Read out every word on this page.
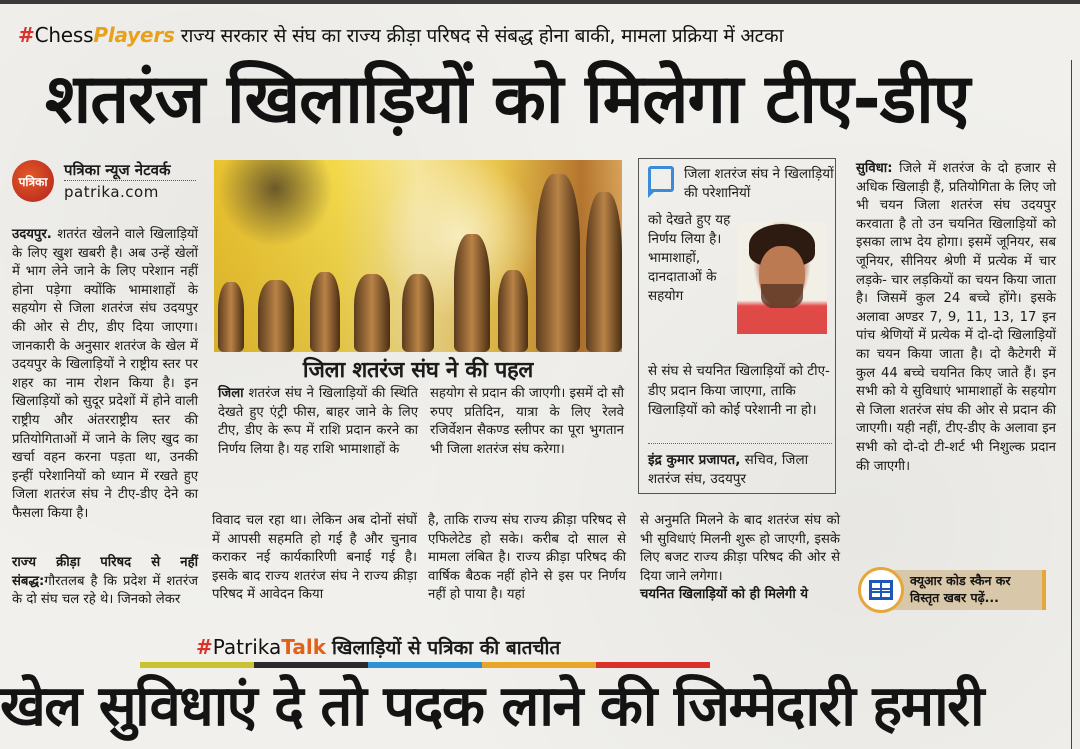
#ChessPlayers राज्य सरकार से संघ का राज्य क्रीड़ा परिषद से संबद्ध होना बाकी, मामला प्रक्रिया में अटका
शतरंज खिलाड़ियों को मिलेगा टीए-डीए
पत्रिका
पत्रिका न्यूज नेटवर्क
patrika.com

उदयपुर. शतरंत खेलने वाले खिलाड़ियों के लिए खुश खबरी है। अब उन्हें खेलों में भाग लेने जाने के लिए परेशान नहीं होना पड़ेगा क्योंकि भामाशाहों के सहयोग से जिला शतरंज संघ उदयपुर की ओर से टीए, डीए दिया जाएगा। जानकारी के अनुसार शतरंज के खेल में उदयपुर के खिलाड़ियों ने राष्ट्रीय स्तर पर शहर का नाम रोशन किया है। इन खिलाड़ियों को सुदूर प्रदेशों में होने वाली राष्ट्रीय और अंतरराष्ट्रीय स्तर की प्रतियोगिताओं में जाने के लिए खुद का खर्चा वहन करना पड़ता था, उनकी इन्हीं परेशानियों को ध्यान में रखते हुए जिला शतरंज संघ ने टीए-डीए देने का फैसला किया है।

राज्य क्रीड़ा परिषद से नहीं संबद्ध:गौरतलब है कि प्रदेश में शतरंज के दो संघ चल रहे थे। जिनको लेकर

जिला शतरंज संघ ने की पहल

जिला शतरंज संघ ने खिलाड़ियों की स्थिति देखते हुए एंट्री फीस, बाहर जाने के लिए टीए, डीए के रूप में राशि प्रदान करने का निर्णय लिया है। यह राशि भामाशाहों के

सहयोग से प्रदान की जाएगी। इसमें दो सौ रुपए प्रतिदिन, यात्रा के लिए रेलवे रजिर्वेशन सैकण्ड स्लीपर का पूरा भुगतान भी जिला शतरंज संघ करेगा।

विवाद चल रहा था। लेकिन अब दोनों संघों में आपसी सहमति हो गई है और चुनाव कराकर नई कार्यकारिणी बनाई गई है। इसके बाद राज्य शतरंज संघ ने राज्य क्रीड़ा परिषद में आवेदन किया

है, ताकि राज्य संघ राज्य क्रीड़ा परिषद से एफिलेटेड हो सके। करीब दो साल से मामला लंबित है। राज्य क्रीड़ा परिषद की वार्षिक बैठक नहीं होने से इस पर निर्णय नहीं हो पाया है। यहां

जिला शतरंज संघ ने खिलाड़ियों की परेशानियों
को देखते हुए यह निर्णय लिया है। भामाशाहों, दानदाताओं के सहयोग
से संघ से चयनित खिलाड़ियों को टीए-डीए प्रदान किया जाएगा, ताकि खिलाड़ियों को कोई परेशानी ना हो।
इंद्र कुमार प्रजापत, सचिव, जिला शतरंज संघ, उदयपुर

से अनुमति मिलने के बाद शतरंज संघ को भी सुविधाएं मिलनी शुरू हो जाएगी, इसके लिए बजट राज्य क्रीड़ा परिषद की ओर से दिया जाने लगेगा।

चयनित खिलाड़ियों को ही मिलेगी ये

सुविधा: जिले में शतरंज के दो हजार से अधिक खिलाड़ी हैं, प्रतियोगिता के लिए जो भी चयन जिला शतरंज संघ उदयपुर करवाता है तो उन चयनित खिलाड़ियों को इसका लाभ देय होगा। इसमें जूनियर, सब जूनियर, सीनियर श्रेणी में प्रत्येक में चार लड़के- चार लड़कियों का चयन किया जाता है। जिसमें कुल 24 बच्चे होंगे। इसके अलावा अण्डर 7, 9, 11, 13, 17 इन पांच श्रेणियों में प्रत्येक में दो-दो खिलाड़ियों का चयन किया जाता है। दो कैटेगरी में कुल 44 बच्चे चयनित किए जाते हैं। इन सभी को ये सुविधाएं भामाशाहों के सहयोग से जिला शतरंज संघ की ओर से प्रदान की जाएगी। यही नहीं, टीए-डीए के अलावा इन सभी को दो-दो टी-शर्ट भी निशुल्क प्रदान की जाएगी।

क्यूआर कोड स्कैन कर
विस्तृत खबर पढ़ें...
#PatrikaTalk खिलाड़ियों से पत्रिका की बातचीत
खेल सुविधाएं दे तो पदक लाने की जिम्मेदारी हमारी
